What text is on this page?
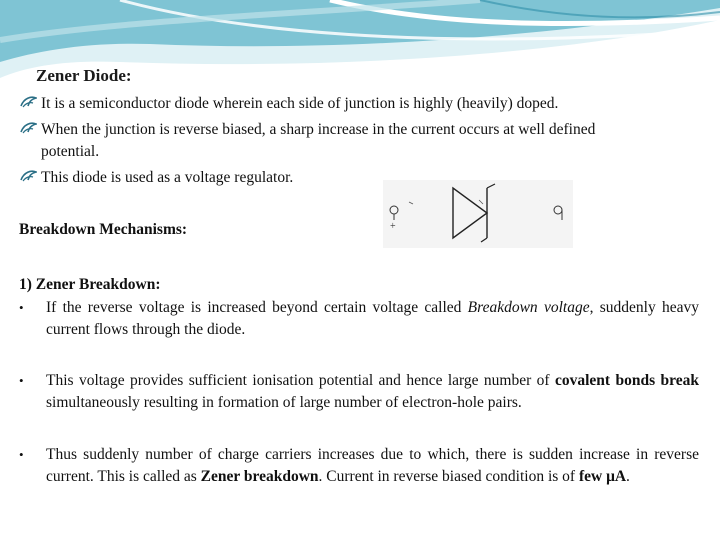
Zener Diode:
It is a semiconductor diode wherein each side of junction is highly (heavily) doped.
When the junction is reverse biased, a sharp increase in the current occurs at well defined
potential.
This diode is used as a voltage regulator.
+
Breakdown Mechanisms:
1) Zener Breakdown:
• If the reverse voltage is increased beyond certain voltage called Breakdown voltage, suddenly heavy current flows through the diode.
• This voltage provides sufficient ionisation potential and hence large number of covalent bonds break simultaneously resulting in formation of large number of electron-hole pairs.
• Thus suddenly number of charge carriers increases due to which, there is sudden increase in reverse current. This is called as Zener breakdown. Current in reverse biased condition is of few μA.
